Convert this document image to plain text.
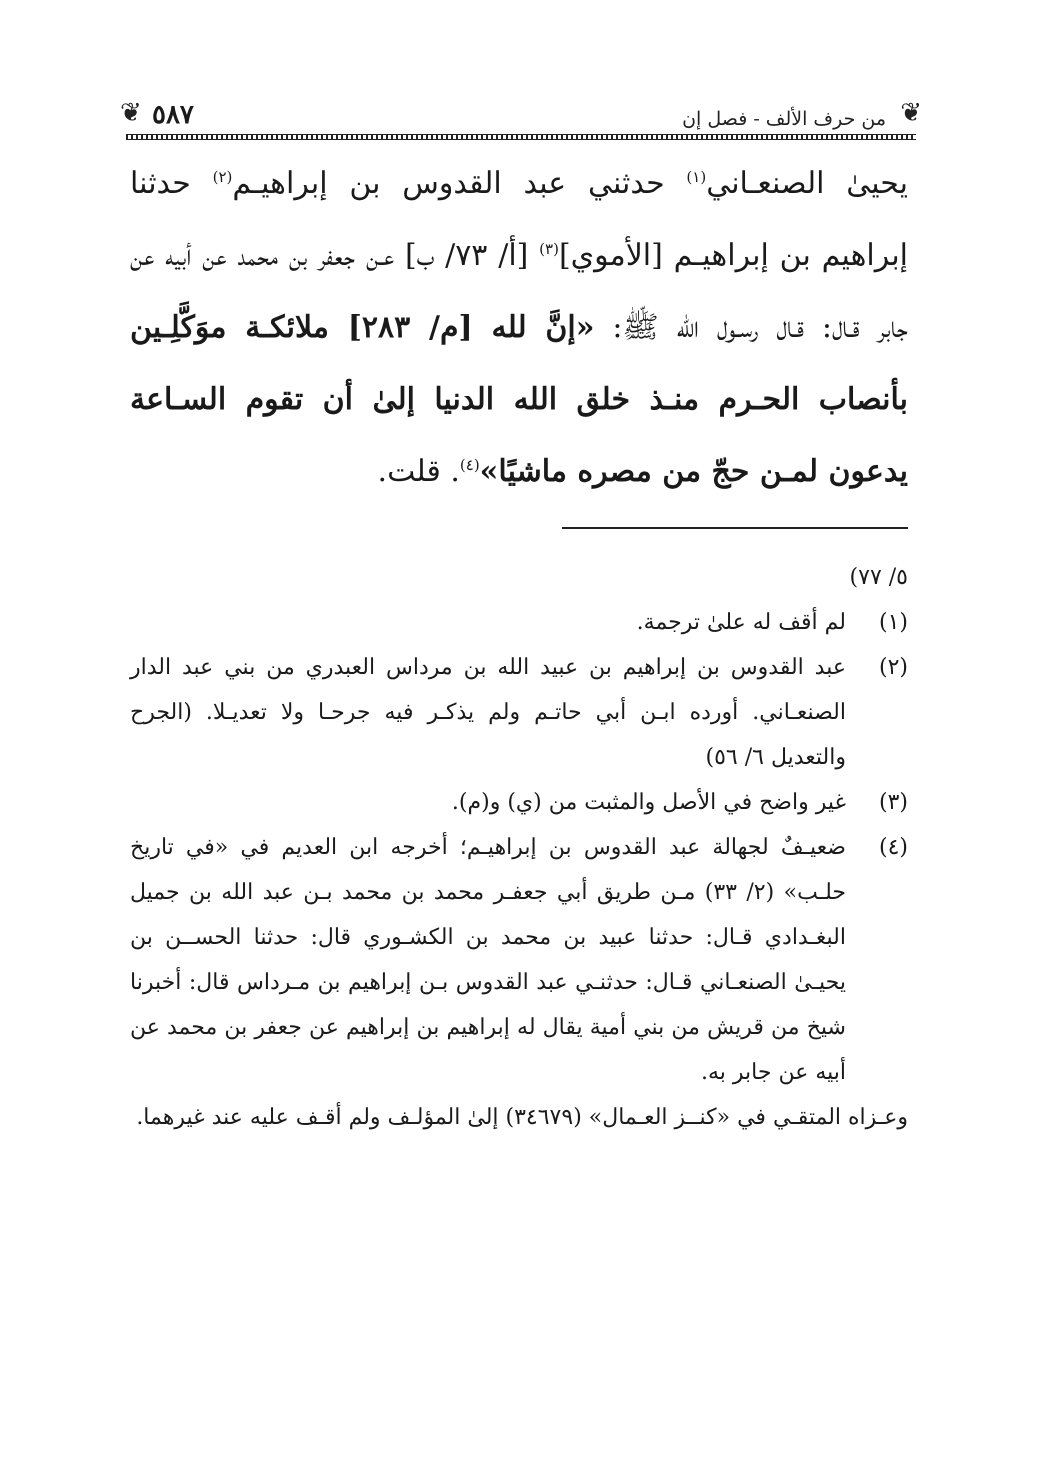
❦ ٥٨٧	❦
من حرف الألف - فصل إن
يحيىٰ الصنعـاني$^{(١)}$ حدثني عبد القدوس بن إبراهيـم$^{(٢)}$ حدثنا إبراهيم بن إبراهيـم [الأموي]$^{(٣)}$ [أ/ ٧٣/ ب] عـن جعفر بن محمد عن أبيه عن جابر قـال: قـال رسـول الله ﷺ: «إنَّ لله [م/ ٢٨٣] ملائكـة موَكَّلِـين بأنصاب الحـرم منـذ خلق الله الدنيا إلىٰ أن تقوم السـاعة يدعون لمـن حجّ من مصره ماشيًا»$^{(٤)}$. قلت.

٥/ ٧٧)

(١)
لم أقف له علىٰ ترجمة.
(٢)
عبد القدوس بن إبراهيم بن عبيد الله بن مرداس العبدري من بني عبد الدار الصنعـاني. أورده ابـن أبي حاتـم ولم يذكـر فيه جرحـا ولا تعديـلا. (الجرح والتعديل ٦/ ٥٦)
(٣)
غير واضح في الأصل والمثبت من (ي) و(م).
(٤)
ضعيـفٌ لجهالة عبد القدوس بن إبراهيـم؛ أخرجه ابن العديم في «في تاريخ حلـب» (٢/ ٣٣) مـن طريق أبي جعفـر محمد بن محمد بـن عبد الله بن جميل البغـدادي قـال: حدثنا عبيد بن محمد بن الكشـوري قال: حدثنا الحســن بن يحيـىٰ الصنعـاني قـال: حدثنـي عبد القدوس بـن إبراهيم بن مـرداس قال: أخبرنا شيخ من قريش من بني أمية يقال له إبراهيم بن إبراهيم عن جعفر بن محمد عن أبيه عن جابر به.

وعـزاه المتقـي في «كنــز العـمال» (٣٤٦٧٩) إلىٰ المؤلـف ولم أقـف عليه عند غيرهما.
